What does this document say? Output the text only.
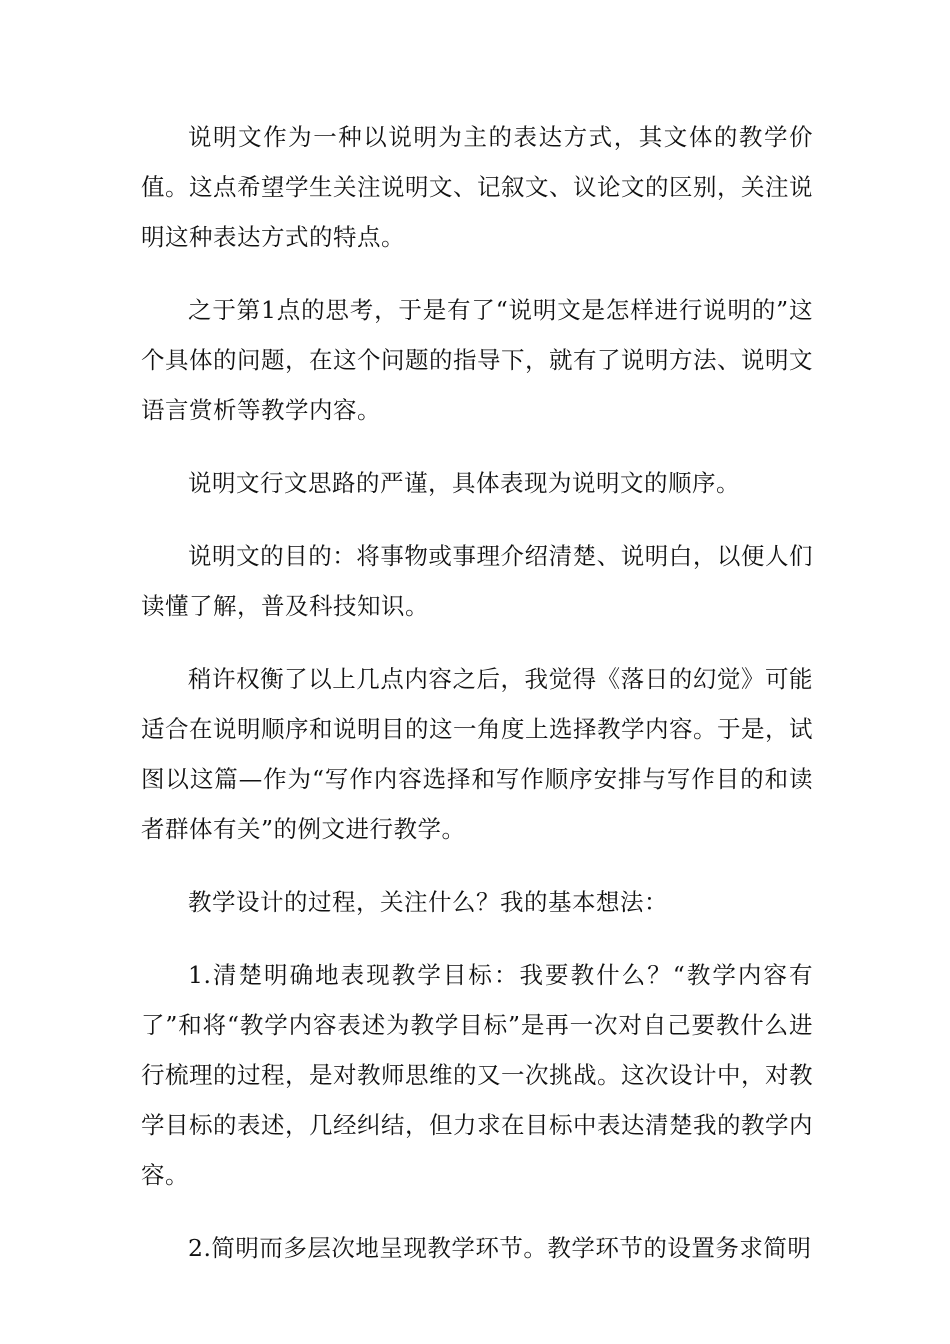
说明文作为一种以说明为主的表达方式，其文体的教学价值。这点希望学生关注说明文、记叙文、议论文的区别，关注说明这种表达方式的特点。

之于第1点的思考，于是有了“说明文是怎样进行说明的”这个具体的问题，在这个问题的指导下，就有了说明方法、说明文语言赏析等教学内容。

说明文行文思路的严谨，具体表现为说明文的顺序。

说明文的目的：将事物或事理介绍清楚、说明白，以便人们读懂了解，普及科技知识。

稍许权衡了以上几点内容之后，我觉得《落日的幻觉》可能适合在说明顺序和说明目的这一角度上选择教学内容。于是，试图以这篇—作为“写作内容选择和写作顺序安排与写作目的和读者群体有关”的例文进行教学。

教学设计的过程，关注什么？我的基本想法：

1.清楚明确地表现教学目标：我要教什么？“教学内容有了”和将“教学内容表述为教学目标”是再一次对自己要教什么进行梳理的过程，是对教师思维的又一次挑战。这次设计中，对教学目标的表述，几经纠结，但力求在目标中表达清楚我的教学内容。

2.简明而多层次地呈现教学环节。教学环节的设置务求简明
